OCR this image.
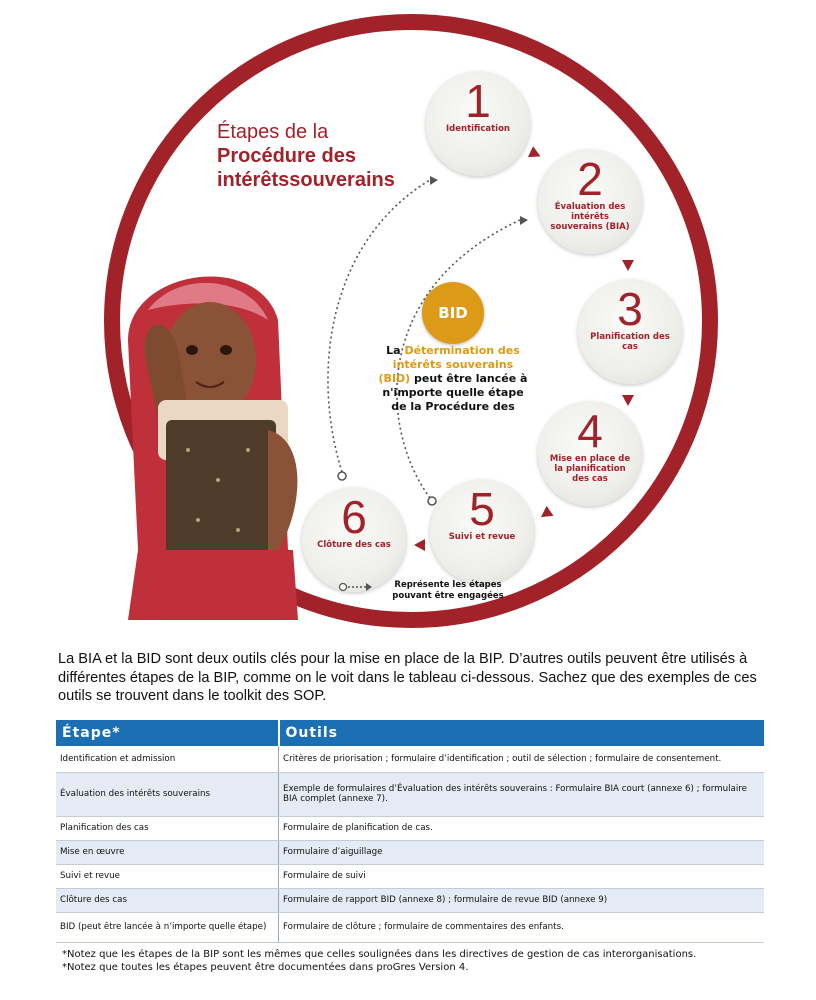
Étapes de la
Procédure des
intérêtssouverains
1
Identification
2
Évaluation des intérêts souverains (BIA)
3
Planification des cas
4
Mise en place de la planification des cas
5
Suivi et revue
6
Clôture des cas
BID
La Détermination des intérêts souverains (BID) peut être lancée à n'importe quelle étape de la Procédure des
Représente les étapes pouvant être engagées

La BIA et la BID sont deux outils clés pour la mise en place de la BIP. D’autres outils peuvent être utilisés à différentes étapes de la BIP, comme on le voit dans le tableau ci-dessous. Sachez que des exemples de ces outils se trouvent dans le toolkit des SOP.

Étape*	Outils
Identification et admission	Critères de priorisation ; formulaire d’identification ; outil de sélection ; formulaire de consentement.
Évaluation des intérêts souverains	Exemple de formulaires d’Évaluation des intérêts souverains : Formulaire BIA court (annexe 6) ; formulaire BIA complet (annexe 7).
Planification des cas	Formulaire de planification de cas.
Mise en œuvre	Formulaire d’aiguillage
Suivi et revue	Formulaire de suivi
Clôture des cas	Formulaire de rapport BID (annexe 8) ; formulaire de revue BID (annexe 9)
BID (peut être lancée à n’importe quelle étape)	Formulaire de clôture ; formulaire de commentaires des enfants.
*Notez que les étapes de la BIP sont les mêmes que celles soulignées dans les directives de gestion de cas interorganisations.
*Notez que toutes les étapes peuvent être documentées dans proGres Version 4.
